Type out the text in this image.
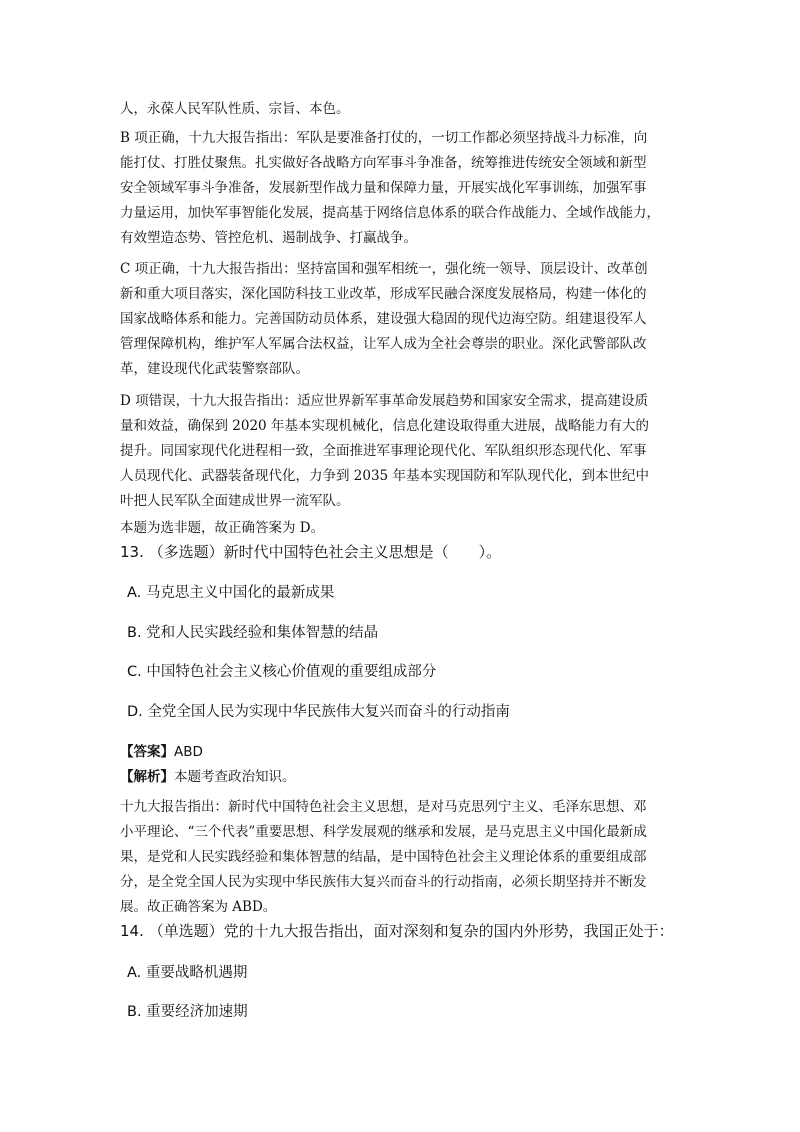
人，永葆人民军队性质、宗旨、本色。
B 项正确，十九大报告指出：军队是要准备打仗的，一切工作都必须坚持战斗力标准，向
能打仗、打胜仗聚焦。扎实做好各战略方向军事斗争准备，统筹推进传统安全领域和新型
安全领域军事斗争准备，发展新型作战力量和保障力量，开展实战化军事训练，加强军事
力量运用，加快军事智能化发展，提高基于网络信息体系的联合作战能力、全域作战能力，
有效塑造态势、管控危机、遏制战争、打赢战争。
C 项正确，十九大报告指出：坚持富国和强军相统一，强化统一领导、顶层设计、改革创
新和重大项目落实，深化国防科技工业改革，形成军民融合深度发展格局，构建一体化的
国家战略体系和能力。完善国防动员体系，建设强大稳固的现代边海空防。组建退役军人
管理保障机构，维护军人军属合法权益，让军人成为全社会尊崇的职业。深化武警部队改
革，建设现代化武装警察部队。
D 项错误，十九大报告指出：适应世界新军事革命发展趋势和国家安全需求，提高建设质
量和效益，确保到 2020 年基本实现机械化，信息化建设取得重大进展，战略能力有大的
提升。同国家现代化进程相一致，全面推进军事理论现代化、军队组织形态现代化、军事
人员现代化、武器装备现代化，力争到 2035 年基本实现国防和军队现代化，到本世纪中
叶把人民军队全面建成世界一流军队。
本题为选非题，故正确答案为 D。
13. （多选题）新时代中国特色社会主义思想是（　　）。
A. 马克思主义中国化的最新成果
B. 党和人民实践经验和集体智慧的结晶
C. 中国特色社会主义核心价值观的重要组成部分
D. 全党全国人民为实现中华民族伟大复兴而奋斗的行动指南
【答案】ABD
【解析】本题考查政治知识。
十九大报告指出：新时代中国特色社会主义思想，是对马克思列宁主义、毛泽东思想、邓
小平理论、“三个代表”重要思想、科学发展观的继承和发展，是马克思主义中国化最新成
果，是党和人民实践经验和集体智慧的结晶，是中国特色社会主义理论体系的重要组成部
分，是全党全国人民为实现中华民族伟大复兴而奋斗的行动指南，必须长期坚持并不断发
展。故正确答案为 ABD。
14. （单选题）党的十九大报告指出，面对深刻和复杂的国内外形势，我国正处于：
A. 重要战略机遇期
B. 重要经济加速期
